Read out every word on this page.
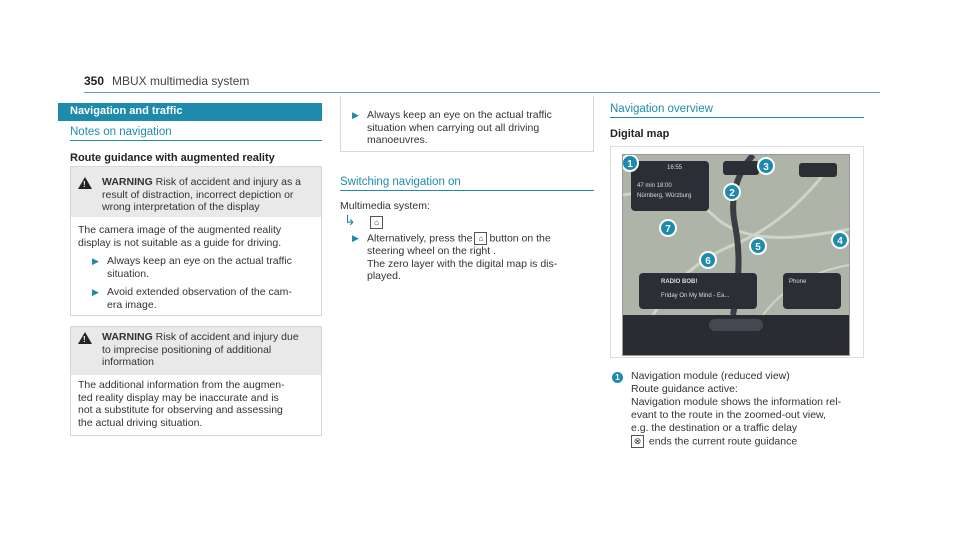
350 MBUX multimedia system
Navigation and traffic
Notes on navigation
Route guidance with augmented reality
! WARNING Risk of accident and injury as a
result of distraction, incorrect depiction or
wrong interpretation of the display
The camera image of the augmented reality
display is not suitable as a guide for driving.
▶ Always keep an eye on the actual traffic
situation.
▶ Avoid extended observation of the cam-
era image.
! WARNING Risk of accident and injury due
to imprecise positioning of additional
information
The additional information from the augmen-
ted reality display may be inaccurate and is
not a substitute for observing and assessing
the actual driving situation.
▶ Always keep an eye on the actual traffic
situation when carrying out all driving
manoeuvres.
Switching navigation on
Multimedia system:
↳	⌂
▶ Alternatively, press the ⌂ button on the
steering wheel on the right .
The zero layer with the digital map is dis-
played.
Navigation overview
Digital map
16:55
47 min 18:00
Nürnberg, Würzburg
RADIO BOB!
Friday On My Mind - Ea...
Phone
1
2
3
4
5
6
7
1	Navigation module (reduced view)
Route guidance active:
Navigation module shows the information rel-
evant to the route in the zoomed-out view,
e.g. the destination or a traffic delay
⊗ ends the current route guidance
